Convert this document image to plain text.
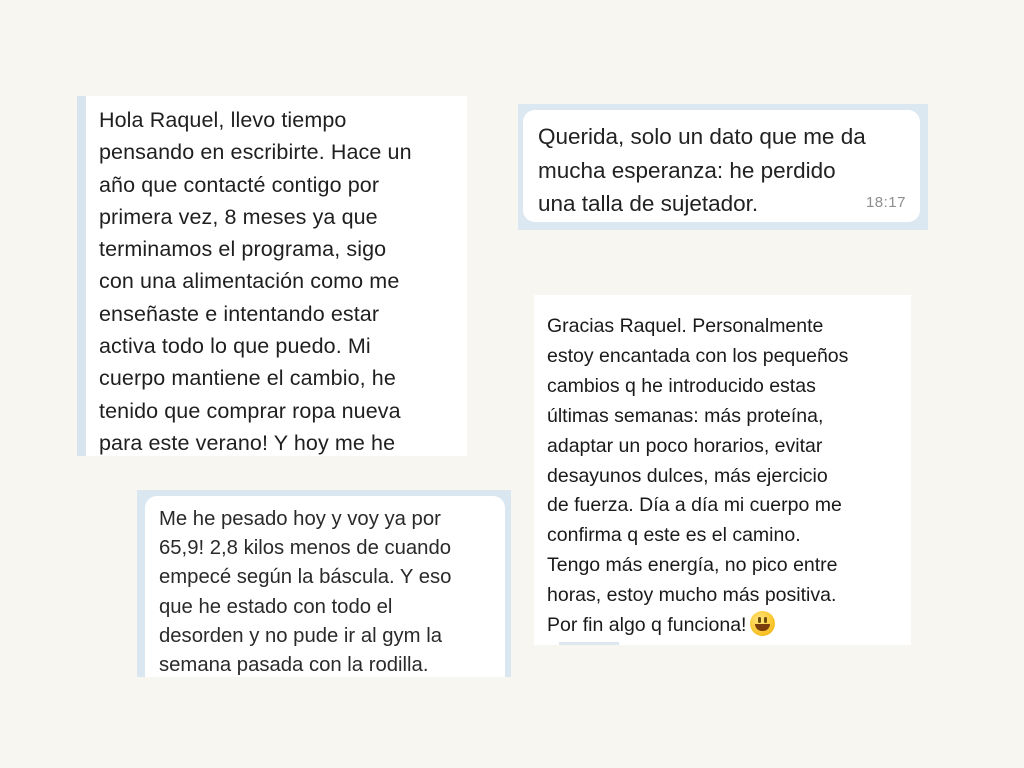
Hola Raquel, llevo tiempo
pensando en escribirte. Hace un
año que contacté contigo por
primera vez, 8 meses ya que
terminamos el programa, sigo
con una alimentación como me
enseñaste e intentando estar
activa todo lo que puedo. Mi
cuerpo mantiene el cambio, he
tenido que comprar ropa nueva
para este verano! Y hoy me he
Querida, solo un dato que me da
mucha esperanza: he perdido
una talla de sujetador.	18:17
Gracias Raquel. Personalmente
estoy encantada con los pequeños
cambios q he introducido estas
últimas semanas: más proteína,
adaptar un poco horarios, evitar
desayunos dulces, más ejercicio
de fuerza. Día a día mi cuerpo me
confirma q este es el camino.
Tengo más energía, no pico entre
horas, estoy mucho más positiva.
Por fin algo q funciona!
Me he pesado hoy y voy ya por
65,9! 2,8 kilos menos de cuando
empecé según la báscula. Y eso
que he estado con todo el
desorden y no pude ir al gym la
semana pasada con la rodilla.
